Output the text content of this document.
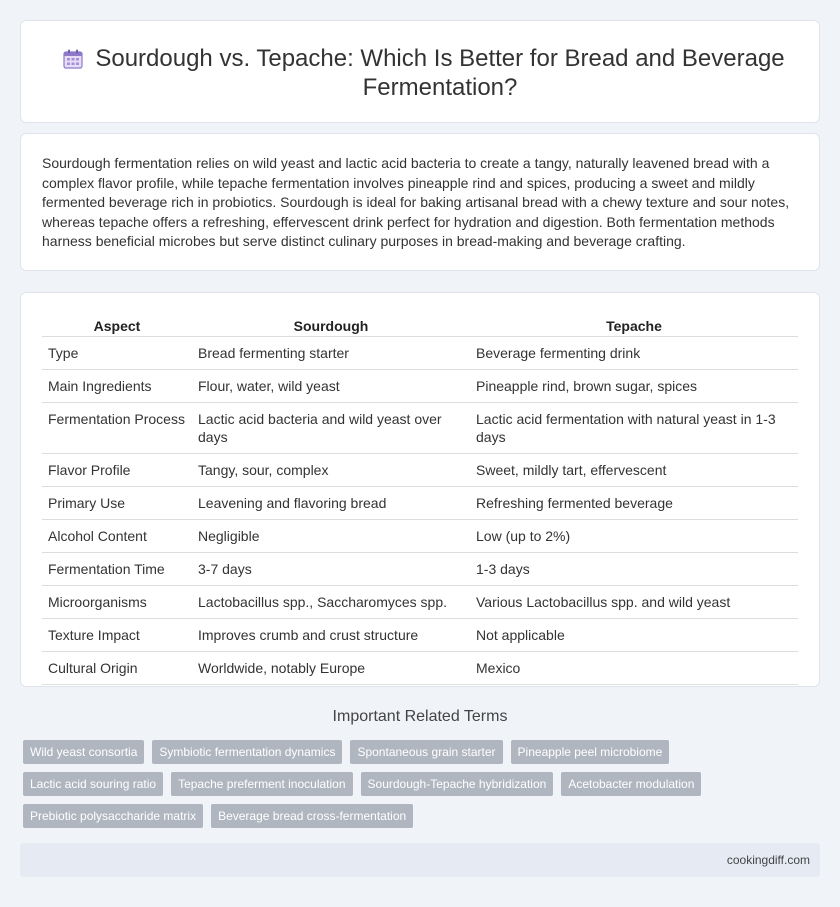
Sourdough vs. Tepache: Which Is Better for Bread and Beverage Fermentation?

Sourdough fermentation relies on wild yeast and lactic acid bacteria to create a tangy, naturally leavened bread with a complex flavor profile, while tepache fermentation involves pineapple rind and spices, producing a sweet and mildly fermented beverage rich in probiotics. Sourdough is ideal for baking artisanal bread with a chewy texture and sour notes, whereas tepache offers a refreshing, effervescent drink perfect for hydration and digestion. Both fermentation methods harness beneficial microbes but serve distinct culinary purposes in bread-making and beverage crafting.

Aspect	Sourdough	Tepache
Type	Bread fermenting starter	Beverage fermenting drink
Main Ingredients	Flour, water, wild yeast	Pineapple rind, brown sugar, spices
Fermentation Process	Lactic acid bacteria and wild yeast over days	Lactic acid fermentation with natural yeast in 1-3 days
Flavor Profile	Tangy, sour, complex	Sweet, mildly tart, effervescent
Primary Use	Leavening and flavoring bread	Refreshing fermented beverage
Alcohol Content	Negligible	Low (up to 2%)
Fermentation Time	3-7 days	1-3 days
Microorganisms	Lactobacillus spp., Saccharomyces spp.	Various Lactobacillus spp. and wild yeast
Texture Impact	Improves crumb and crust structure	Not applicable
Cultural Origin	Worldwide, notably Europe	Mexico
Important Related Terms
Wild yeast consortia	Symbiotic fermentation dynamics	Spontaneous grain starter	Pineapple peel microbiome
Lactic acid souring ratio	Tepache preferment inoculation	Sourdough-Tepache hybridization	Acetobacter modulation
Prebiotic polysaccharide matrix	Beverage bread cross-fermentation
cookingdiff.com
